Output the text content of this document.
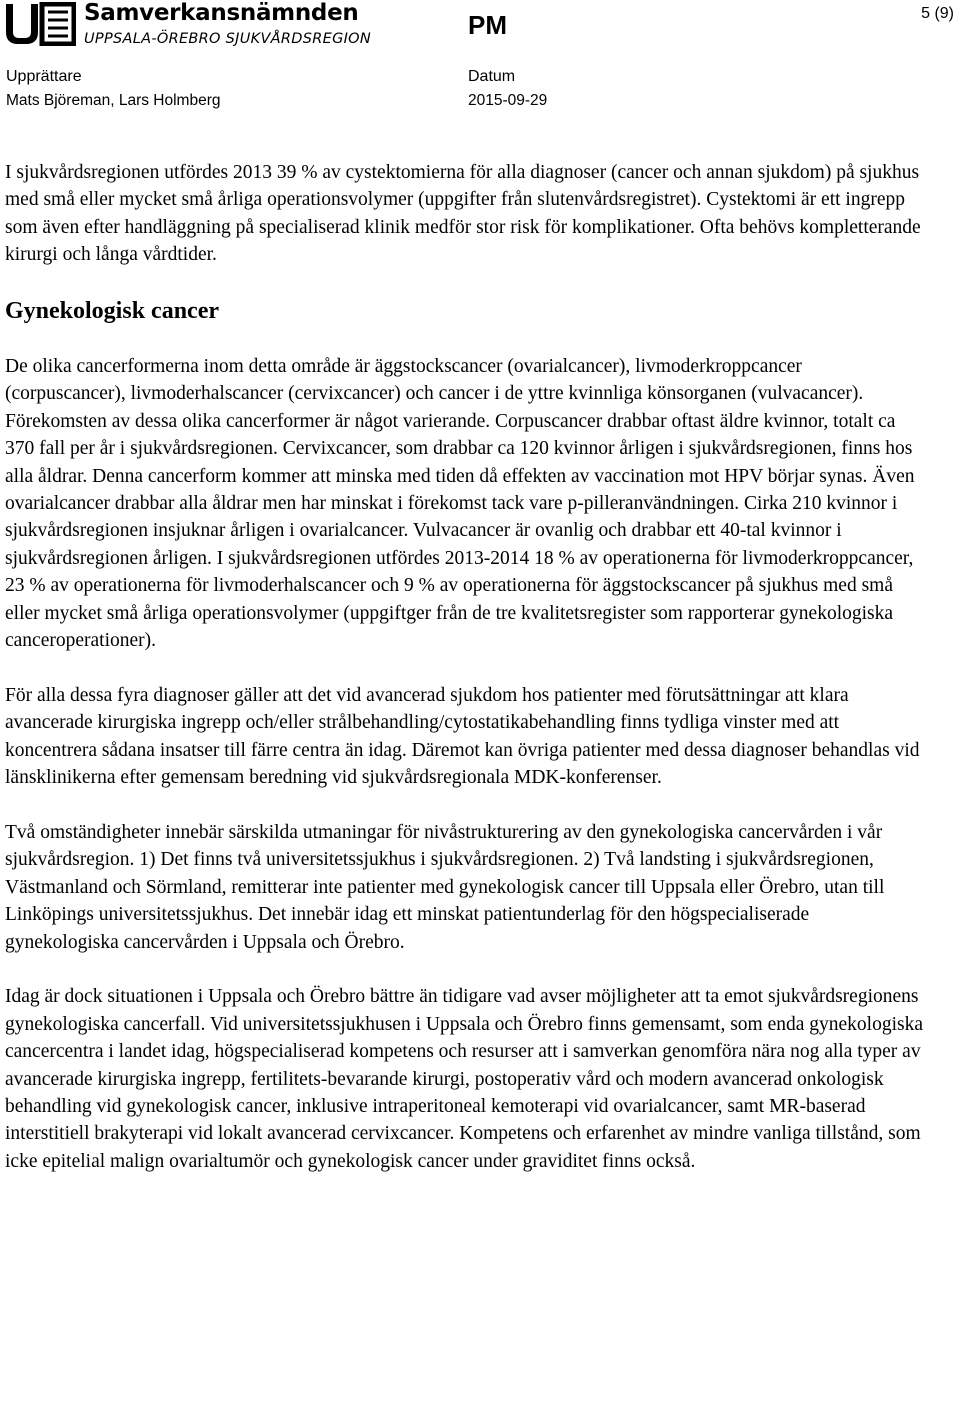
Samverkansnämnden
UPPSALA-ÖREBRO SJUKVÅRDSREGION	PM	5 (9)
Upprättare
Mats Björeman, Lars Holmberg
Datum
2015-09-29

I sjukvårdsregionen utfördes 2013 39 % av cystektomierna för alla diagnoser (cancer och annan sjukdom) på sjukhus med små eller mycket små årliga operationsvolymer (uppgifter från slutenvårdsregistret). Cystektomi är ett ingrepp som även efter handläggning på specialiserad klinik medför stor risk för komplikationer. Ofta behövs kompletterande kirurgi och långa vårdtider.

Gynekologisk cancer

De olika cancerformerna inom detta område är äggstockscancer (ovarialcancer), livmoderkroppcancer (corpuscancer), livmoderhalscancer (cervixcancer) och cancer i de yttre kvinnliga könsorganen (vulvacancer). Förekomsten av dessa olika cancerformer är något varierande. Corpuscancer drabbar oftast äldre kvinnor, totalt ca 370 fall per år i sjukvårdsregionen. Cervixcancer, som drabbar ca 120 kvinnor årligen i sjukvårdsregionen, finns hos alla åldrar. Denna cancerform kommer att minska med tiden då effekten av vaccination mot HPV börjar synas. Även ovarialcancer drabbar alla åldrar men har minskat i förekomst tack vare p-pilleranvändningen. Cirka 210 kvinnor i sjukvårdsregionen insjuknar årligen i ovarialcancer. Vulvacancer är ovanlig och drabbar ett 40-tal kvinnor i sjukvårdsregionen årligen. I sjukvårdsregionen utfördes 2013-2014 18 % av operationerna för livmoderkroppcancer, 23 % av operationerna för livmoderhalscancer och 9 % av operationerna för äggstockscancer på sjukhus med små eller mycket små årliga operationsvolymer (uppgiftger från de tre kvalitetsregister som rapporterar gynekologiska canceroperationer).

För alla dessa fyra diagnoser gäller att det vid avancerad sjukdom hos patienter med förutsättningar att klara avancerade kirurgiska ingrepp och/eller strålbehandling/cytostatikabehandling finns tydliga vinster med att koncentrera sådana insatser till färre centra än idag. Däremot kan övriga patienter med dessa diagnoser behandlas vid länsklinikerna efter gemensam beredning vid sjukvårdsregionala MDK-konferenser.

Två omständigheter innebär särskilda utmaningar för nivåstrukturering av den gynekologiska cancervården i vår sjukvårdsregion. 1) Det finns två universitetssjukhus i sjukvårdsregionen. 2) Två landsting i sjukvårdsregionen, Västmanland och Sörmland, remitterar inte patienter med gynekologisk cancer till Uppsala eller Örebro, utan till Linköpings universitetssjukhus. Det innebär idag ett minskat patientunderlag för den högspecialiserade gynekologiska cancervården i Uppsala och Örebro.

Idag är dock situationen i Uppsala och Örebro bättre än tidigare vad avser möjligheter att ta emot sjukvårdsregionens gynekologiska cancerfall. Vid universitetssjukhusen i Uppsala och Örebro finns gemensamt, som enda gynekologiska cancercentra i landet idag, högspecialiserad kompetens och resurser att i samverkan genomföra nära nog alla typer av avancerade kirurgiska ingrepp, fertilitets-bevarande kirurgi, postoperativ vård och modern avancerad onkologisk behandling vid gynekologisk cancer, inklusive intraperitoneal kemoterapi vid ovarialcancer, samt MR-baserad interstitiell brakyterapi vid lokalt avancerad cervixcancer. Kompetens och erfarenhet av mindre vanliga tillstånd, som icke epitelial malign ovarialtumör och gynekologisk cancer under graviditet finns också.
